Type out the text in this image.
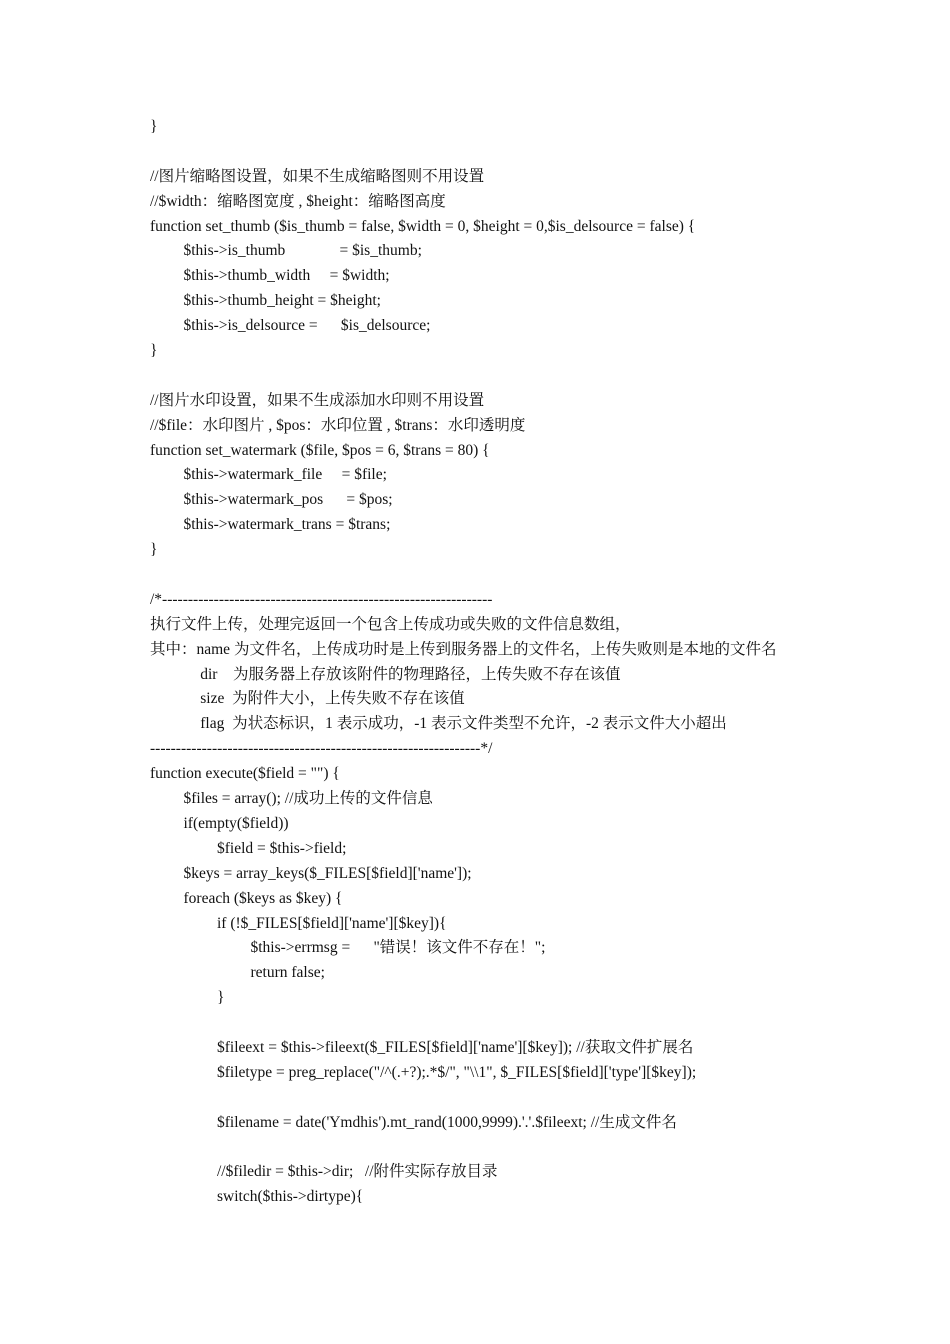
}
//图片缩略图设置，如果不生成缩略图则不用设置
//$width：缩略图宽度 , $height：缩略图高度
function set_thumb ($is_thumb = false, $width = 0, $height = 0,$is_delsource = false) {
$this->is_thumb              = $is_thumb;
$this->thumb_width     = $width;
$this->thumb_height = $height;
$this->is_delsource =      $is_delsource;
}
//图片水印设置，如果不生成添加水印则不用设置
//$file：水印图片 , $pos：水印位置 , $trans：水印透明度
function set_watermark ($file, $pos = 6, $trans = 80) {
$this->watermark_file     = $file;
$this->watermark_pos      = $pos;
$this->watermark_trans = $trans;
}
/*----------------------------------------------------------------
执行文件上传，处理完返回一个包含上传成功或失败的文件信息数组，
其中：name 为文件名，上传成功时是上传到服务器上的文件名，上传失败则是本地的文件名
dir    为服务器上存放该附件的物理路径，上传失败不存在该值
size  为附件大小，上传失败不存在该值
flag  为状态标识，1 表示成功，-1 表示文件类型不允许，-2 表示文件大小超出
----------------------------------------------------------------*/
function execute($field = "") {
$files = array(); //成功上传的文件信息
if(empty($field))
$field = $this->field;
$keys = array_keys($_FILES[$field]['name']);
foreach ($keys as $key) {
if (!$_FILES[$field]['name'][$key]){
$this->errmsg =      "错误！该文件不存在！";
return false;
}
$fileext = $this->fileext($_FILES[$field]['name'][$key]); //获取文件扩展名
$filetype = preg_replace("/^(.+?);.*$/", "\\1", $_FILES[$field]['type'][$key]);
$filename = date('Ymdhis').mt_rand(1000,9999).'.'.$fileext; //生成文件名
//$filedir = $this->dir;   //附件实际存放目录
switch($this->dirtype){
